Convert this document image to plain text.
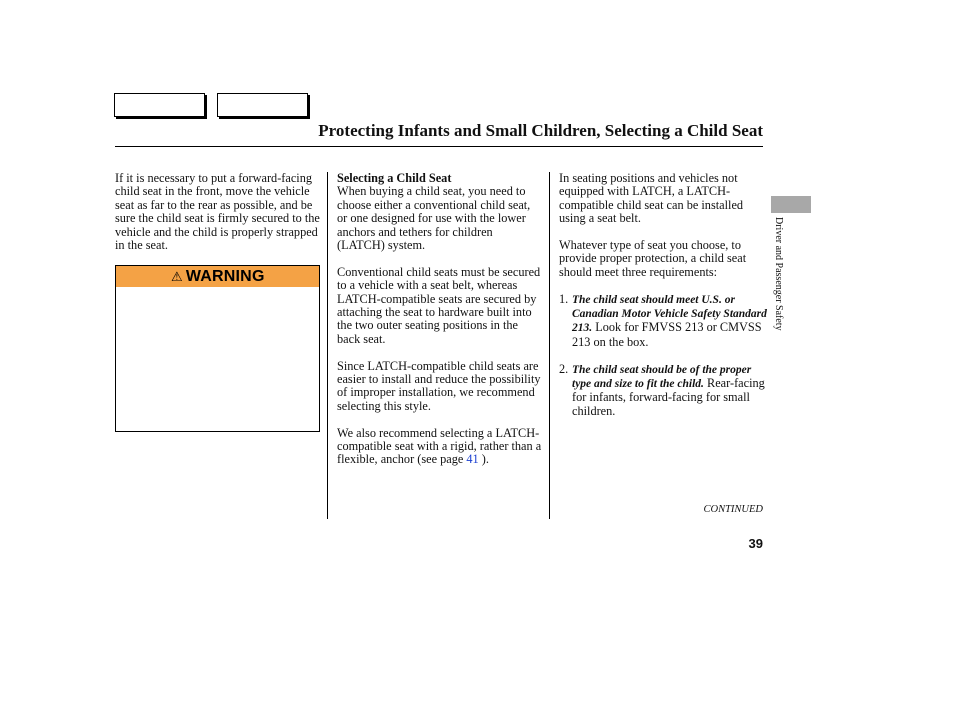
Protecting Infants and Small Children, Selecting a Child Seat

If it is necessary to put a forward-facing child seat in the front, move the vehicle seat as far to the rear as possible, and be sure the child seat is firmly secured to the vehicle and the child is properly strapped in the seat.

⚠ WARNING

Selecting a Child Seat

When buying a child seat, you need to choose either a conventional child seat, or one designed for use with the lower anchors and tethers for children (LATCH) system.

Conventional child seats must be secured to a vehicle with a seat belt, whereas LATCH-compatible seats are secured by attaching the seat to hardware built into the two outer seating positions in the back seat.

Since LATCH-compatible child seats are easier to install and reduce the possibility of improper installation, we recommend selecting this style.

We also recommend selecting a LATCH-compatible seat with a rigid, rather than a flexible, anchor (see page 41 ).

In seating positions and vehicles not equipped with LATCH, a LATCH-compatible child seat can be installed using a seat belt.

Whatever type of seat you choose, to provide proper protection, a child seat should meet three requirements:

1. The child seat should meet U.S. or Canadian Motor Vehicle Safety Standard 213. Look for FMVSS 213 or CMVSS 213 on the box.
2. The child seat should be of the proper type and size to fit the child. Rear-facing for infants, forward-facing for small children.
CONTINUED
39
Driver and Passenger Safety
